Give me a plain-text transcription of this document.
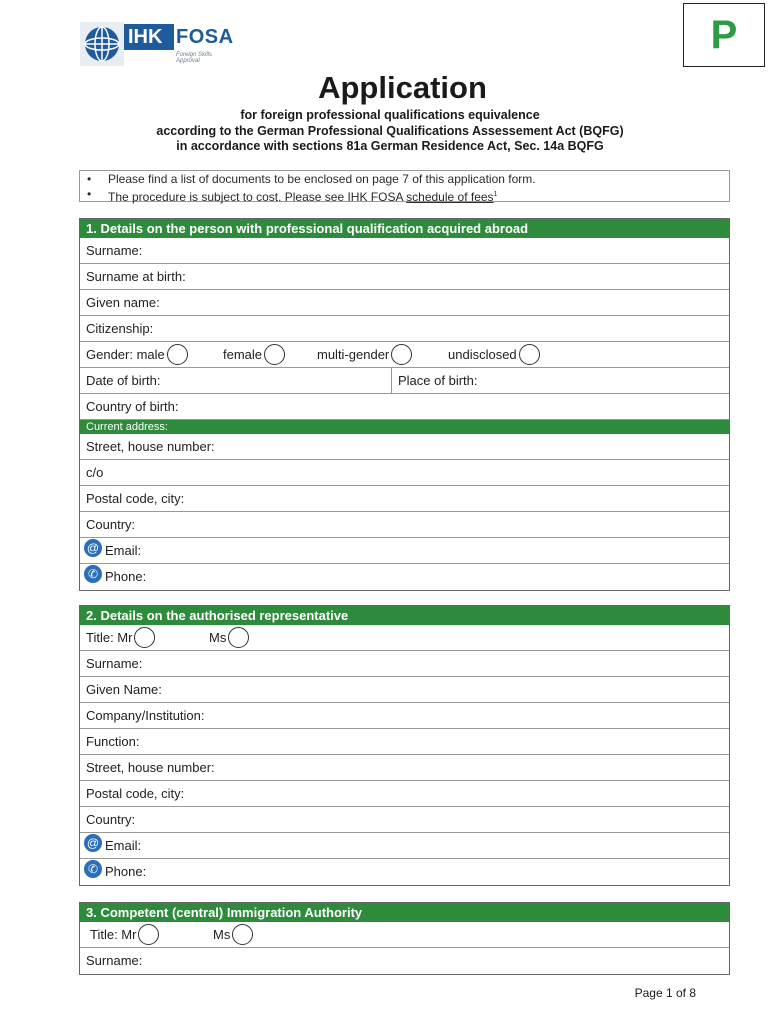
IHK FOSA
Foreign Skills Approval
P
Application
for foreign professional qualifications equivalence
according to the German Professional Qualifications Assessement Act (BQFG)
in accordance with sections 81a German Residence Act, Sec. 14a BQFG
• Please find a list of documents to be enclosed on page 7 of this application form.
• The procedure is subject to cost. Please see IHK FOSA schedule of fees$^1$
1. Details on the person with professional qualification acquired abroad
Surname:
Surname at birth:
Given name:
Citizenship:
Gender: male	female	multi-gender	undisclosed
Date of birth:	Place of birth:
Country of birth:
Current address:
Street, house number:
c/o
Postal code, city:
Country:
@ Email:
✆ Phone:
2. Details on the authorised representative
Title: Mr	Ms
Surname:
Given Name:
Company/Institution:
Function:
Street, house number:
Postal code, city:
Country:
@ Email:
✆ Phone:
3. Competent (central) Immigration Authority
Title: Mr	Ms
Surname:
Page 1 of 8
